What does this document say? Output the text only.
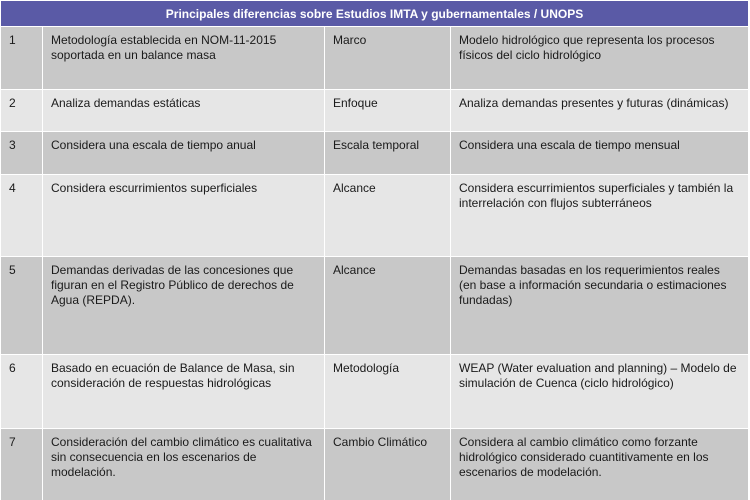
Principales diferencias sobre Estudios IMTA y gubernamentales / UNOPS			
1	Metodología establecida en NOM-11-2015 soportada en un balance masa	Marco	Modelo hidrológico que representa los procesos físicos del ciclo hidrológico
2	Analiza demandas estáticas	Enfoque	Analiza demandas presentes y futuras (dinámicas)
3	Considera una escala de tiempo anual	Escala temporal	Considera una escala de tiempo mensual
4	Considera escurrimientos superficiales	Alcance	Considera escurrimientos superficiales y también la interrelación con flujos subterráneos
5	Demandas derivadas de las concesiones que figuran en el Registro Público de derechos de Agua (REPDA).	Alcance	Demandas basadas en los requerimientos reales (en base a información secundaria o estimaciones fundadas)
6	Basado en ecuación de Balance de Masa, sin consideración de respuestas hidrológicas	Metodología	WEAP (Water evaluation and planning) – Modelo de simulación de Cuenca (ciclo hidrológico)
7	Consideración del cambio climático es cualitativa sin consecuencia en los escenarios de modelación.	Cambio Climático	Considera al cambio climático como forzante hidrológico considerado cuantitivamente en los escenarios de modelación.
